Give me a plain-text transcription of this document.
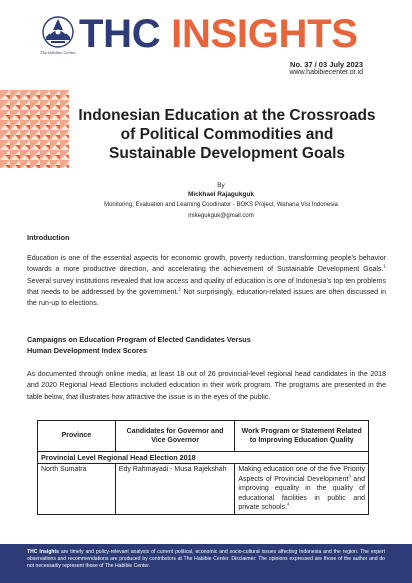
The Habibie Center THC INSIGHTS
No. 37 / 03 July 2023
www.habibiecenter.or.id
Indonesian Education at the Crossroads
of Political Commodities and
Sustainable Development Goals
By
Mickhael Rajagukguk
Monitoring, Evaluation and Learning Coodinator - BOKS Project, Wahana Visi Indonesia
mikegukguk@gmail.com
Introduction
Education is one of the essential aspects for economic growth, poverty reduction, transforming people’s behavior towards a more productive direction, and accelerating the achievement of Sustainable Development Goals.$^1$ Several survey institutions revealed that low access and quality of education is one of Indonesia’s top ten problems that needs to be addressed by the government.$^2$ Not surprisingly, education-related issues are often discussed in the run-up to elections.
Campaigns on Education Program of Elected Candidates Versus
Human Development Index Scores
As documented through online media, at least 18 out of 26 provincial-level regional head candidates in the 2018 and 2020 Regional Head Elections included education in their work program. The programs are presented in the table below, that illustrates how attractive the issue is in the eyes of the public.
Province	Candidates for Governor and Vice Governor	Work Program or Statement Related to Improving Education Quality
Provincial Level Regional Head Election 2018		
North Sumatra	Edy Rahmayadi - Musa Rajekshah	Making education one of the five Priority Aspects of Provincial Development$^3$ and improving equality in the quality of educational facilities in public and private schools.$^4$
THC Insights are timely and policy-relevant analysis of current political, economic and socio-cultural issues affecting Indonesia and the region. The expert observations and recommendations are produced by contributors at The Habibie Center. Disclaimer: The opinions expressed are those of the author and do not necessarily represent those of The Habibie Center.
